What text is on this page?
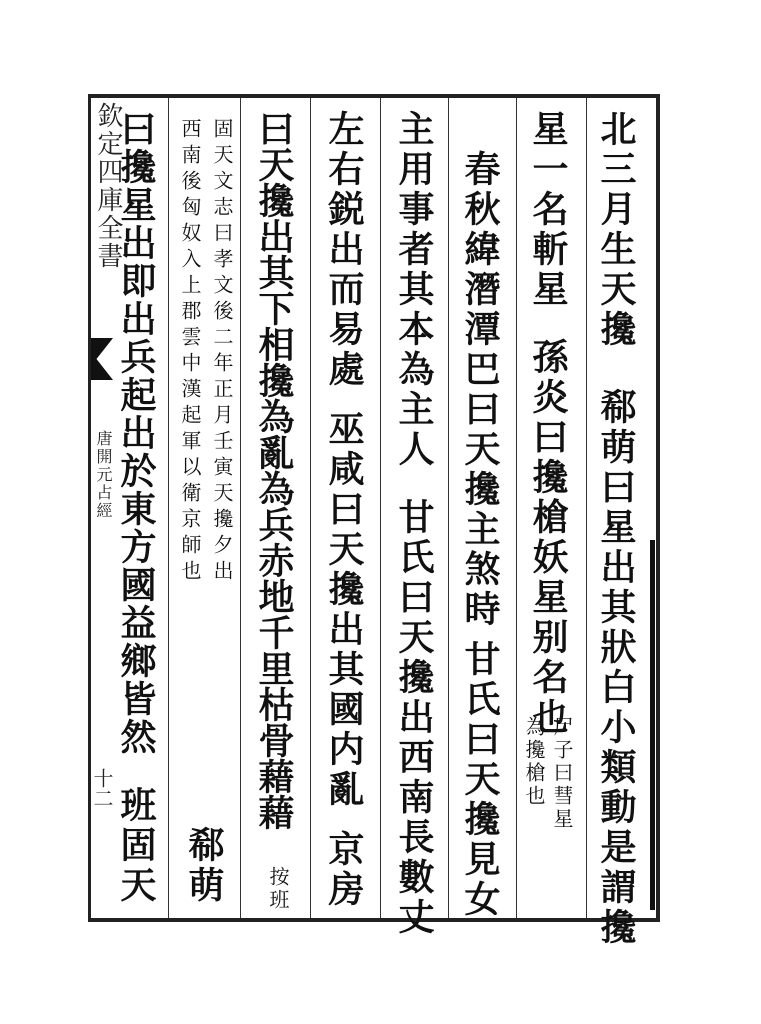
欽定四庫全書
唐開元占經
十二
北三月生天攙
郗萌曰星出其狀白小類動是謂攙
星一名斬星
孫炎曰攙槍妖星别名也
尸子曰彗星
為攙槍也
春秋緯潛潭巴曰天攙主煞時
甘氏曰天攙見女
主用事者其本為主人
甘氏曰天攙出西南長數丈
左右鋭出而易處
巫咸曰天攙出其國内亂
京房
曰天攙出其下相攙為亂為兵赤地千里枯骨藉藉
按班
固天文志曰孝文後二年正月壬寅天攙夕出
西南後匈奴入上郡雲中漢起軍以衛京師也
郗萌
曰攙星出即出兵起出於東方國益鄉皆然
班固天
